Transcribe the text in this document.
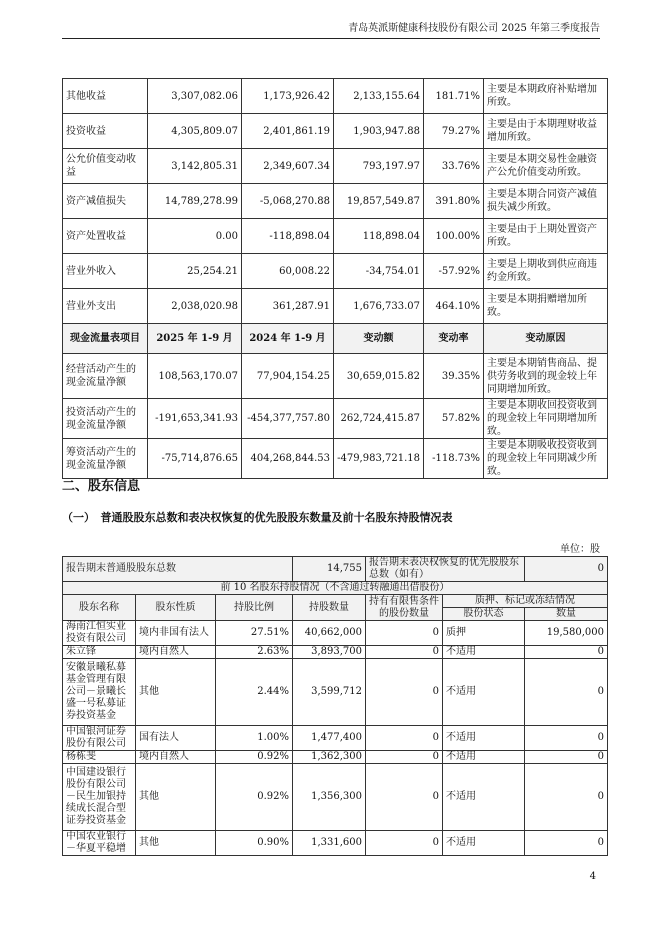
青岛英派斯健康科技股份有限公司 2025 年第三季度报告
其他收益	3,307,082.06	1,173,926.42	2,133,155.64	181.71%	主要是本期政府补贴增加所致。
投资收益	4,305,809.07	2,401,861.19	1,903,947.88	79.27%	主要是由于本期理财收益增加所致。
公允价值变动收益	3,142,805.31	2,349,607.34	793,197.97	33.76%	主要是本期交易性金融资产公允价值变动所致。
资产减值损失	14,789,278.99	-5,068,270.88	19,857,549.87	391.80%	主要是本期合同资产减值损失减少所致。
资产处置收益	0.00	-118,898.04	118,898.04	100.00%	主要是由于上期处置资产所致。
营业外收入	25,254.21	60,008.22	-34,754.01	-57.92%	主要是上期收到供应商违约金所致。
营业外支出	2,038,020.98	361,287.91	1,676,733.07	464.10%	主要是本期捐赠增加所致。
现金流量表项目	2025 年 1-9 月	2024 年 1-9 月	变动额	变动率	变动原因
经营活动产生的现金流量净额	108,563,170.07	77,904,154.25	30,659,015.82	39.35%	主要是本期销售商品、提供劳务收到的现金较上年同期增加所致。
投资活动产生的现金流量净额	-191,653,341.93	-454,377,757.80	262,724,415.87	57.82%	主要是本期收回投资收到的现金较上年同期增加所致。
筹资活动产生的现金流量净额	-75,714,876.65	404,268,844.53	-479,983,721.18	-118.73%	主要是本期吸收投资收到的现金较上年同期减少所致。
二、股东信息
（一）　普通股股东总数和表决权恢复的优先股股东数量及前十名股东持股情况表
单位：股
报告期末普通股股东总数			14,755	报告期末表决权恢复的优先股股东总数（如有）		0
前 10 名股东持股情况（不含通过转融通出借股份）						
股东名称	股东性质	持股比例	持股数量	持有有限售条件的股份数量	质押、标记或冻结情况	
					股份状态	数量
海南江恒实业投资有限公司	境内非国有法人	27.51%	40,662,000	0	质押	19,580,000
朱立锋	境内自然人	2.63%	3,893,700	0	不适用	0
安徽景曦私募基金管理有限公司－景曦长盛一号私募证券投资基金	其他	2.44%	3,599,712	0	不适用	0
中国银河证券股份有限公司	国有法人	1.00%	1,477,400	0	不适用	0
杨栋斐	境内自然人	0.92%	1,362,300	0	不适用	0
中国建设银行股份有限公司－民生加银持续成长混合型证券投资基金	其他	0.92%	1,356,300	0	不适用	0
中国农业银行－华夏平稳增	其他	0.90%	1,331,600	0	不适用	0
4
